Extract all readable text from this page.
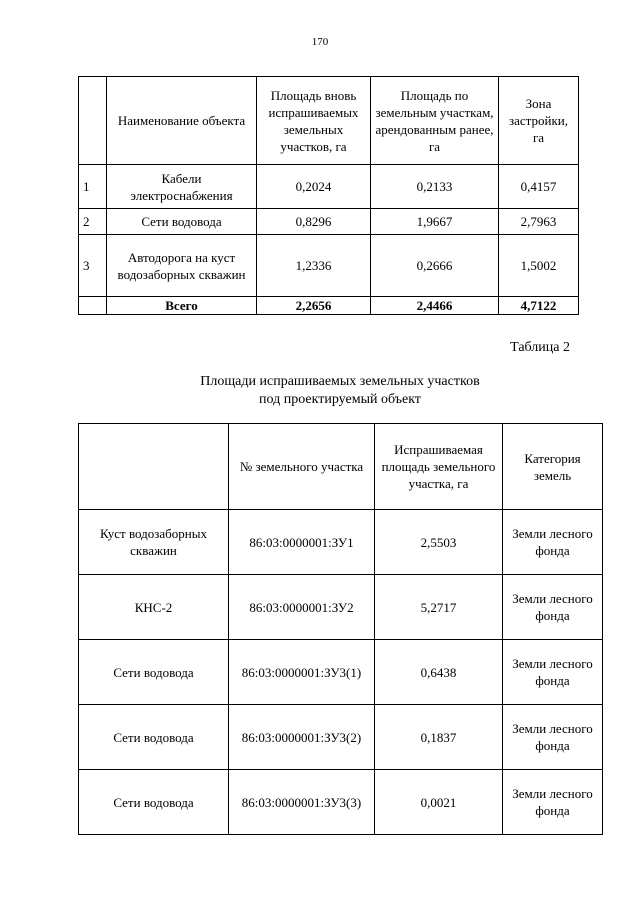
170
	Наименование объекта	Площадь вновь испрашиваемых земельных участков, га	Площадь по земельным участкам, арендованным ранее, га	Зона застройки, га
1	Кабели электроснабжения	0,2024	0,2133	0,4157
2	Сети водовода	0,8296	1,9667	2,7963
3	Автодорога на куст водозаборных скважин	1,2336	0,2666	1,5002
	Всего	2,2656	2,4466	4,7122
Таблица 2
Площади испрашиваемых земельных участков
под проектируемый объект
	№ земельного участка	Испрашиваемая площадь земельного участка, га	Категория земель
Куст водозаборных скважин	86:03:0000001:ЗУ1	2,5503	Земли лесного фонда
КНС-2	86:03:0000001:ЗУ2	5,2717	Земли лесного фонда
Сети водовода	86:03:0000001:ЗУ3(1)	0,6438	Земли лесного фонда
Сети водовода	86:03:0000001:ЗУ3(2)	0,1837	Земли лесного фонда
Сети водовода	86:03:0000001:ЗУ3(3)	0,0021	Земли лесного фонда
